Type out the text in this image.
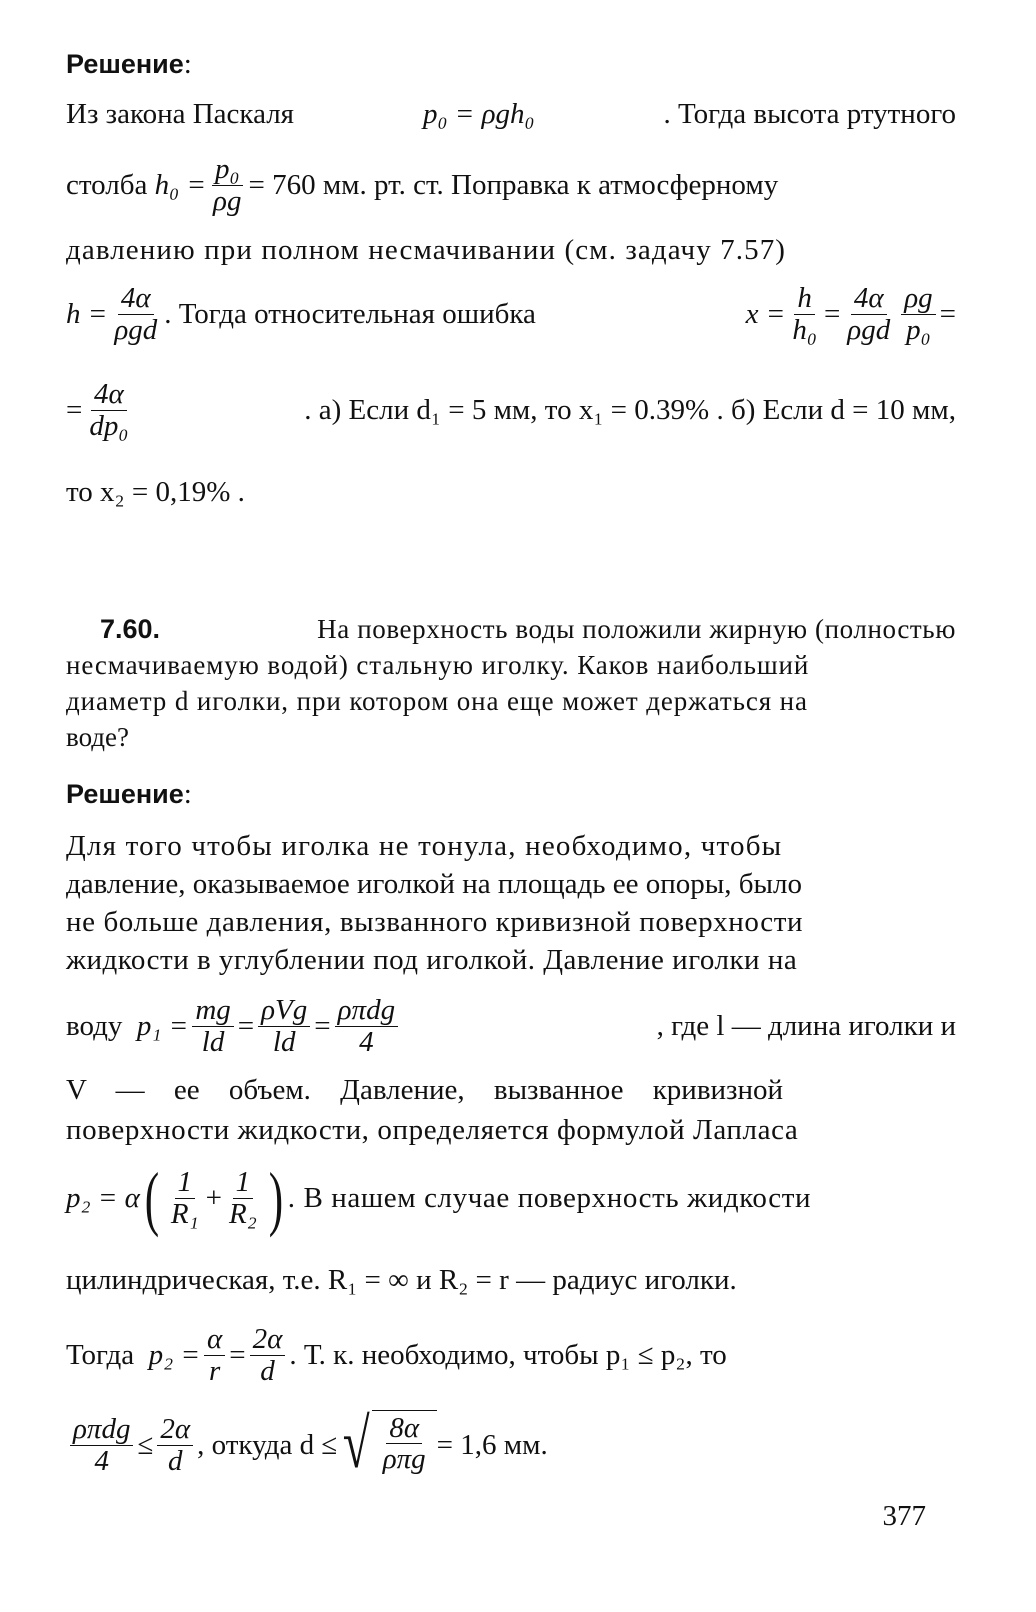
Решение :
Из закона Паскаля	p₀ = ρgh₀	. Тогда высота ртутного
столба
$h_0 = \frac{\text{p₀}}{\rho g} = 760$ мм. рт. ст. Поправка к атмосферному
давлению при полном несмачивании (см. задачу 7.57)
$h = \frac{4\alpha}{\text{ρgd}}$ . Тогда относительная ошибка	$x = \frac{h}{\text{h₀}} = \frac{4\alpha}{\text{ρgd}} \frac{\rho g}{\text{p₀}}$ =
= $\frac{4\alpha}{\text{dp₀}}$	. а) Если d₁ = 5 мм, то x₁ = 0.39% . б) Если d = 10 мм,
то x₂ = 0,19% .
7.60.	На поверхность воды положили жирную (полностью
несмачиваемую водой) стальную иголку. Каков наибольший
диаметр d иголки, при котором она еще может держаться на
воде?
Решение :
Для того чтобы иголка не тонула, необходимо, чтобы
давление, оказываемое иголкой на площадь ее опоры, было
не больше давления, вызванного кривизной поверхности
жидкости в углублении под иголкой. Давление иголки на
воду
$p_1 = \frac{mg}{ld} = \frac{\text{ρVg}}{ld} = \frac{\text{ρπdg}}{4}$	, где l — длина иголки и
V — ее объем. Давление, вызванное кривизной
поверхности жидкости, определяется формулой Лапласа
p₂ = α ( $\frac{1}{\text{R₁}} + \frac{1}{\text{R₂}}$ ) . В нашем случае поверхность жидкости
цилиндрическая, т.е. R₁ = ∞ и R₂ = r — радиус иголки.
Тогда
$p_2 = \frac{\alpha}{r} = \frac{2\alpha}{d}$ . Т. к. необходимо, чтобы p₁ ≤ p₂, то
$\frac{\text{ρπdg}}{4} \le \frac{2\alpha}{d}$ , откуда d ≤ √ $\frac{8\alpha}{\text{ρπg}} = 1,6$ мм.
377
